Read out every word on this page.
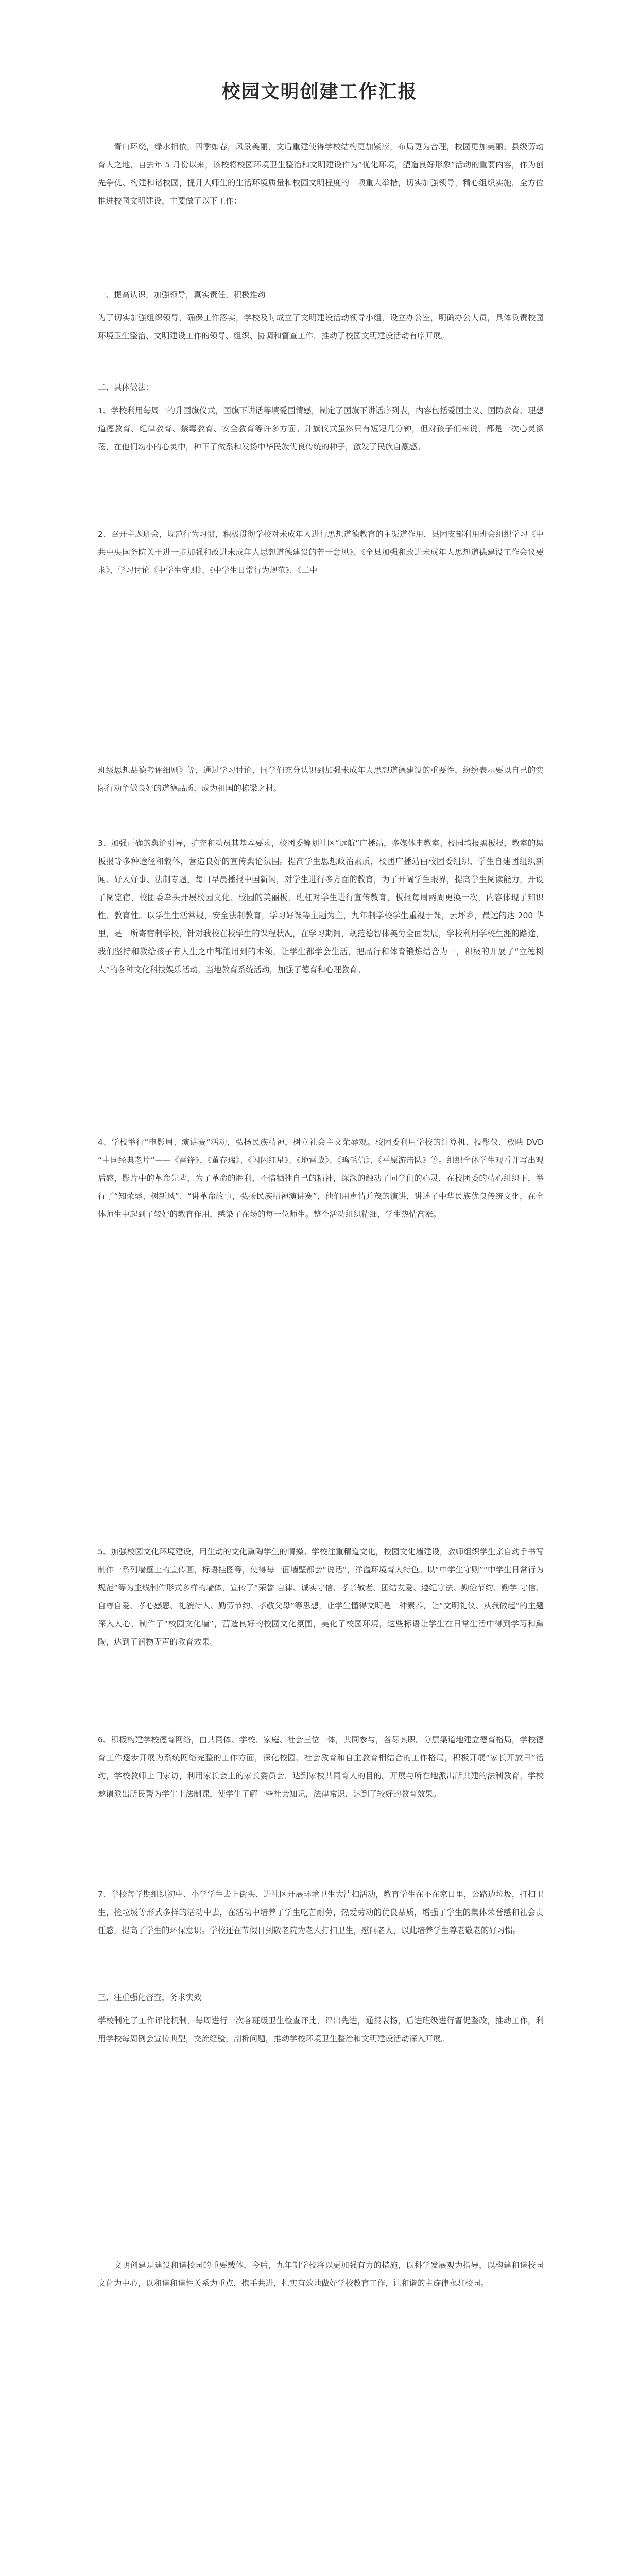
校园文明创建工作汇报

青山环绕，绿水相依，四季如春，风景美丽，文后重建使得学校结构更加紧凑，布局更为合理，校园更加美丽。县级劳动育人之地，自去年 5 月份以来，该校将校园环境卫生整治和文明建设作为“优化环境，塑造良好形象”活动的重要内容，作为创先争优、构建和谐校园，提升大师生的生活环境质量和校园文明程度的一项重大举措，切实加强领导，精心组织实施，全方位推进校园文明建设，主要做了以下工作：

一、提高认识，加强领导，真实责任，积极推动

为了切实加强组织领导，确保工作落实，学校及时成立了文明建设活动领导小组，设立办公室，明确办公人员，具体负责校园环境卫生整治、文明建设工作的领导、组织、协调和督查工作，推动了校园文明建设活动有序开展。

二、具体做法：

1、学校利用每周一的升国旗仪式，国旗下讲话等填爱国情感，制定了国旗下讲话序列表，内容包括爱国主义、国防教育、理想道德教育、纪律教育、禁毒教育、安全教育等许多方面。升旗仪式虽然只有短短几分钟，但对孩子们来说，都是一次心灵涤荡，在他们幼小的心灵中，种下了做系和发扬中华民族优良传统的种子，激发了民族自豪感。

2、召开主题班会，规范行为习惯，积极贯彻学校对未成年人进行思想道德教育的主渠道作用，县团支部利用班会组织学习《中共中央国务院关于进一步加强和改进未成年人思想道德建设的若干意见》、《全县加强和改进未成年人思想道德建设工作会议要求》，学习讨论《中学生守则》、《中学生日常行为规范》、《二中

班级思想品德考评细则》等，通过学习讨论，同学们充分认识到加强未成年人思想道德建设的重要性，纷纷表示要以自己的实际行动争做良好的道德品质，成为祖国的栋梁之材。

3、加强正确的舆论引导，扩充和动员其基本要求，校团委筹划社区“远航”广播站，多媒体电教室、校园墙报黑板报，教室的黑板报等多种途径和载体，营造良好的宣传舆论氛围。提高学生思想政治素质，校团广播站由校团委组织，学生自建团组织新闻、好人好事、法制专题，每日早晨播报中国新闻，对学生进行多方面的教育，为了开阔学生眼界，提高学生阅读能力，开设了阅览宿，校团委牵头开展校园文化、校园的美丽板，班杠对学生进行宣传教育，板报每周两周更换一次，内容体现了知识性、教育性。以学生生活常规，安全法制教育，学习好课等主题为主，九年制学校学生重视于课，云坪乡，最远的达 200 华里，是一所寄宿制学校，针对我校在校学生的课程状况，在学习期间，规范德智体美劳全面发展，学校利用学校生涯的路途，我们坚持和教给孩子有人生之中都能用到的本领，让学生都学会生活，把品行和体育锻炼结合为一，积极的开展了“立德树人”的各种文化科技娱乐活动，当地教育系统活动，加强了德育和心理教育。

4、学校举行“电影周、演讲赛”活动，弘扬民族精神，树立社会主义荣辱观。校团委利用学校的计算机、投影仪，放映 DVD “中国经典老片”——《雷锋》、《董存瑞》、《闪闪红星》、《地雷战》、《鸡毛信》、《平原游击队》等。组织全体学生观看并写出观后感，影片中的革命先辈，为了革命的胜利，不惜牺牲自己的精神，深深的触动了同学们的心灵，在校团委的精心组织下，举行了“知荣辱、树新风”、“讲革命故事，弘扬民族精神演讲赛”，他们用声情并茂的演讲，讲述了中华民族优良传统文化，在全体师生中起到了较好的教育作用，感染了在场的每一位师生。整个活动组织精细，学生热情高涨。

5、加强校园文化环境建设，用生动的文化熏陶学生的情操。学校注重精道文化，校园文化墙建设，教师组织学生亲自动手书写制作一系列墙壁上的宣传画，标语挂图等，使得每一面墙壁都会“说话”，洋溢环境育人特色。以“中学生守则”“中学生日常行为规范”等为主线制作形式多样的墙体，宣传了“荣誉 自律、诚实守信、孝亲敬老、团结友爱、遵纪守法、勤俭节约、勤学 守信、自尊自爱、孝心感恩、礼貌待人、勤劳节约、孝敬父母”等思想，让学生懂得文明是一种素养，让“文明礼仪、从我做起”的主题深入人心，制作了“校园文化墙”，营造良好的校园文化氛围，美化了校园环境，这些标语让学生在日常生活中得到学习和熏陶，达到了润物无声的教育效果。

6、积极构建学校德育网络，由共同体、学校、家庭、社会三位一体，共同参与，各尽其职。分层渠道地建立德育格局，学校德育工作逐步开展为系统网络完整的工作方面，深化校园、社会教育和自主教育相结合的工作格局，积极开展“家长开放日”活动，学校教师上门家访，利用家长会上的家长委员会，达到家校共同育人的目的。开展与所在地派出所共建的法制教育，学校邀请派出所民警为学生上法制课，使学生了解一些社会知识，法律常识，达到了较好的教育效果。

7、学校每学期组织初中、小学学生去上街头、进社区开展环境卫生大清扫活动，教育学生在不在家日里，公路边垃圾，打扫卫生，捡垃圾等形式多样的活动中去，在活动中培养了学生吃苦耐劳，热爱劳动的优良品质，增强了学生的集体荣誉感和社会责任感，提高了学生的环保意识。学校还在节假日到敬老院为老人打扫卫生，慰问老人，以此培养学生尊老敬老的好习惯。

三、注重强化督查，务求实效

学校制定了工作评比机制，每周进行一次各班级卫生检查评比，评出先进，通报表扬，后进班级进行督促整改，推动工作，利用学校每周例会宣传典型，交流经验，剖析问题，推动学校环境卫生整治和文明建设活动深入开展。

文明创建是建设和谐校园的重要载体，今后，九年制学校将以更加强有力的措施，以科学发展观为指导，以构建和谐校园文化为中心，以和谐和谐性关系为重点，携手共进，扎实有效地做好学校教育工作，让和谐的主旋律永驻校园。
